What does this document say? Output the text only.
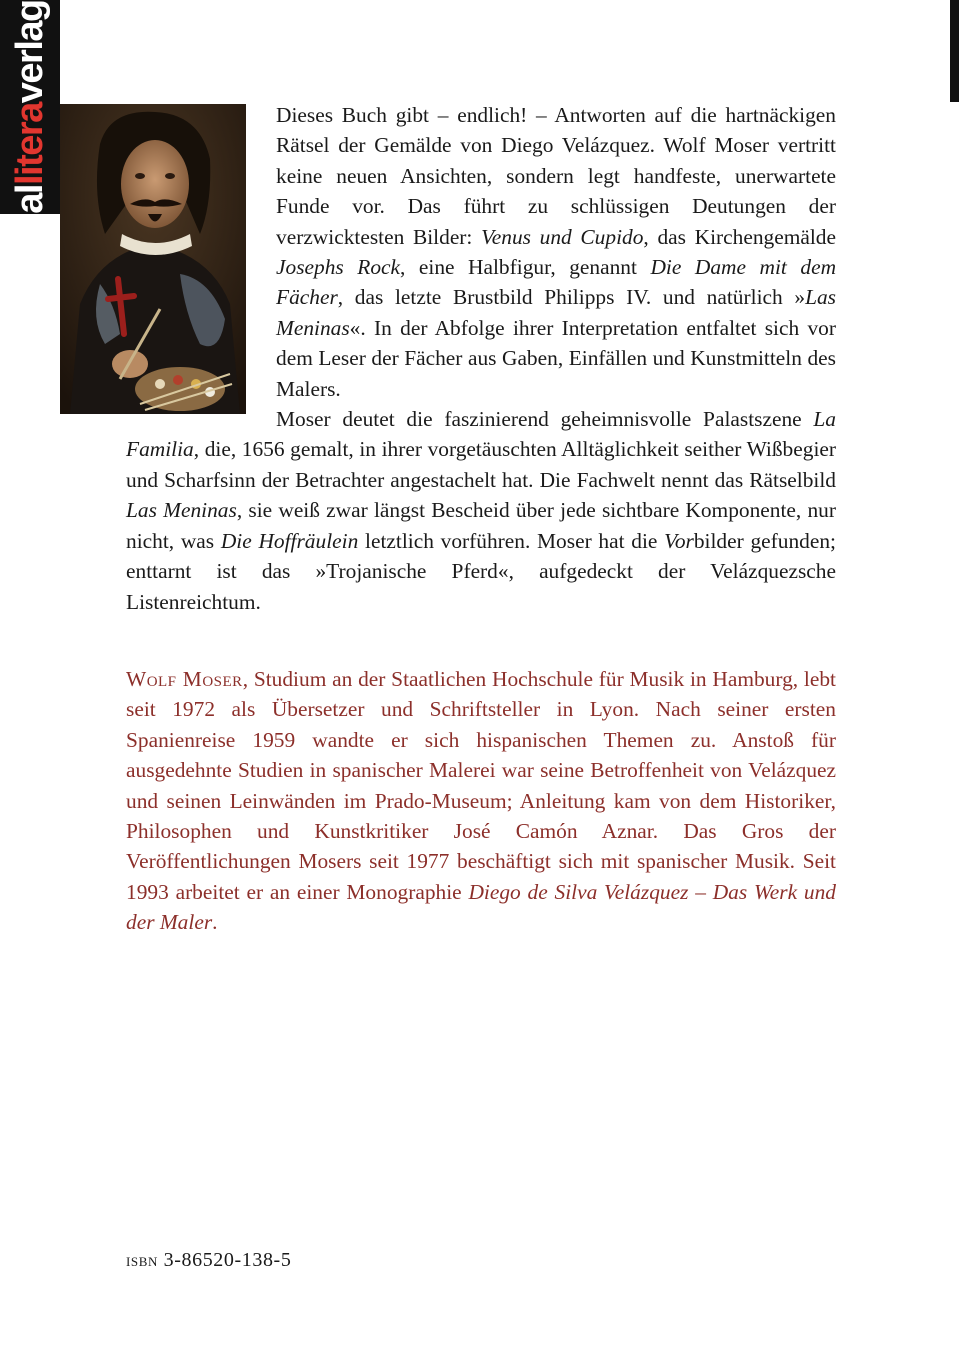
alliteraverlag
Dieses Buch gibt – endlich! – Antworten auf die hartnäckigen Rätsel der Gemälde von Diego Velázquez. Wolf Moser vertritt keine neuen Ansichten, sondern legt handfeste, unerwartete Funde vor. Das führt zu schlüssigen Deutungen der verzwicktesten Bilder: Venus und Cupido, das Kirchengemälde Josephs Rock, eine Halbfigur, genannt Die Dame mit dem Fächer, das letzte Brustbild Philipps IV. und natürlich »Las Meninas«. In der Abfolge ihrer Interpretation entfaltet sich vor dem Leser der Fächer aus Gaben, Einfällen und Kunstmitteln des Malers.
Moser deutet die faszinierend geheimnisvolle Palastszene La Familia, die, 1656 gemalt, in ihrer vorgetäuschten Alltäglichkeit seither Wißbegier und Scharfsinn der Betrachter angestachelt hat. Die Fachwelt nennt das Rätselbild Las Meninas, sie weiß zwar längst Bescheid über jede sichtbare Komponente, nur nicht, was Die Hoffräulein letztlich vorführen. Moser hat die Vorbilder gefunden; enttarnt ist das »Trojanische Pferd«, aufgedeckt der Velázquezsche Listenreichtum.
Wolf Moser, Studium an der Staatlichen Hochschule für Musik in Hamburg, lebt seit 1972 als Übersetzer und Schriftsteller in Lyon. Nach seiner ersten Spanienreise 1959 wandte er sich hispanischen Themen zu. Anstoß für ausgedehnte Studien in spanischer Malerei war seine Betroffenheit von Velázquez und seinen Leinwänden im Prado-Museum; Anleitung kam von dem Historiker, Philosophen und Kunstkritiker José Camón Aznar. Das Gros der Veröffentlichungen Mosers seit 1977 beschäftigt sich mit spanischer Musik. Seit 1993 arbeitet er an einer Monographie Diego de Silva Velázquez – Das Werk und der Maler.
isbn 3-86520-138-5
